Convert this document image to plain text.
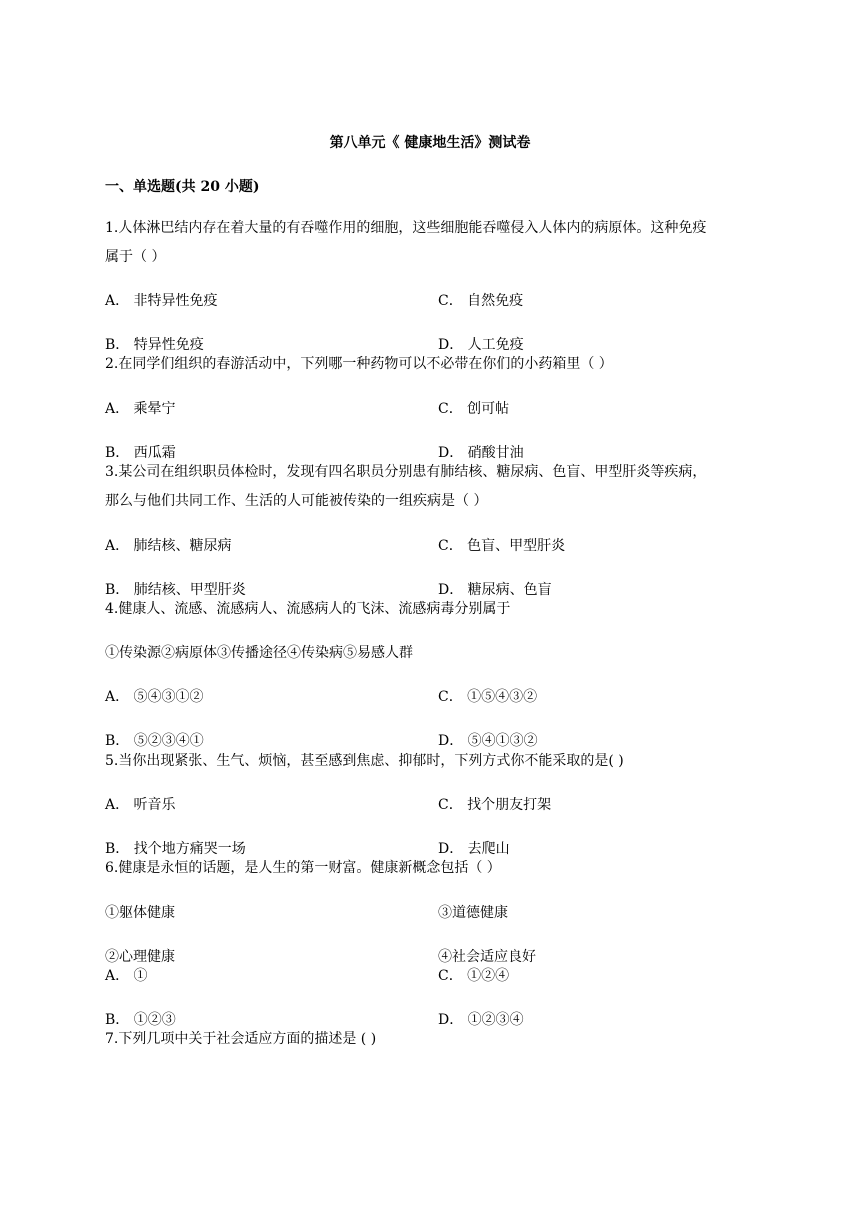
第八单元《 健康地生活》测试卷
一、单选题(共 20 小题)
1.人体淋巴结内存在着大量的有吞噬作用的细胞，这些细胞能吞噬侵入人体内的病原体。这种免疫
属于（ ）
A． 非特异性免疫	C． 自然免疫
B． 特异性免疫	D． 人工免疫
2.在同学们组织的春游活动中，下列哪一种药物可以不必带在你们的小药箱里（ ）
A． 乘晕宁	C． 创可帖
B． 西瓜霜	D． 硝酸甘油
3.某公司在组织职员体检时，发现有四名职员分别患有肺结核、糖尿病、色盲、甲型肝炎等疾病，
那么与他们共同工作、生活的人可能被传染的一组疾病是（ ）
A． 肺结核、糖尿病	C． 色盲、甲型肝炎
B． 肺结核、甲型肝炎	D． 糖尿病、色盲
4.健康人、流感、流感病人、流感病人的飞沫、流感病毒分别属于
①传染源②病原体③传播途径④传染病⑤易感人群
A． ⑤④③①②	C． ①⑤④③②
B． ⑤②③④①	D． ⑤④①③②
5.当你出现紧张、生气、烦恼，甚至感到焦虑、抑郁时，下列方式你不能采取的是( )
A． 听音乐	C． 找个朋友打架
B． 找个地方痛哭一场	D． 去爬山
6.健康是永恒的话题，是人生的第一财富。健康新概念包括（ ）
①躯体健康	③道德健康
②心理健康	④社会适应良好
A． ①	C． ①②④
B． ①②③	D． ①②③④
7.下列几项中关于社会适应方面的描述是 ( )
